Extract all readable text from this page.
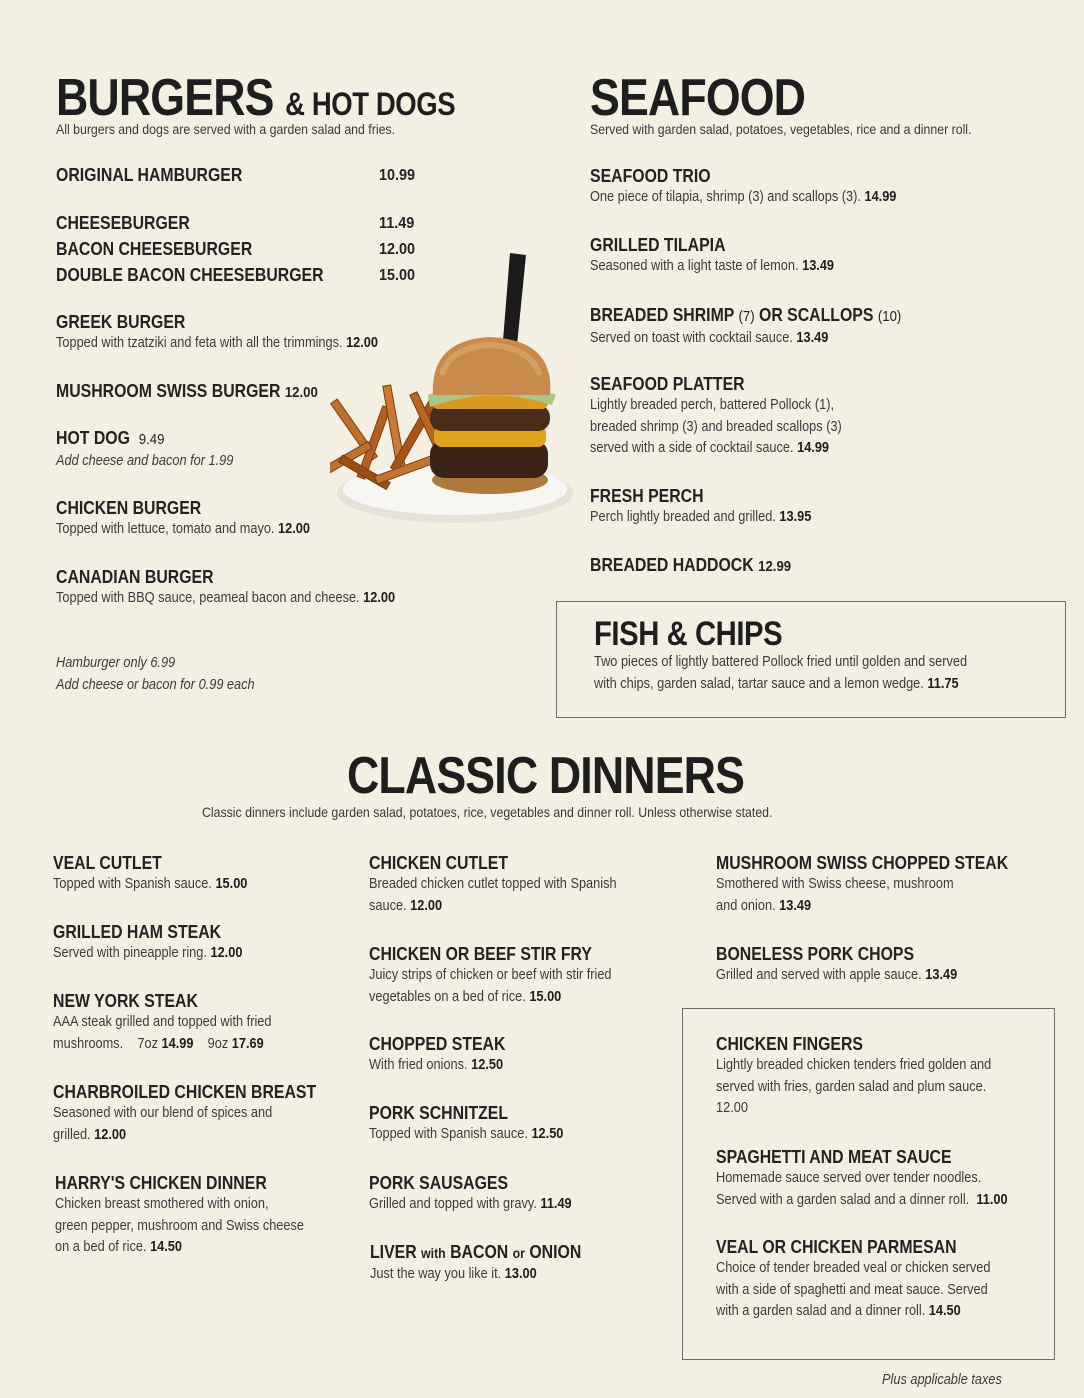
BURGERS & HOT DOGS
All burgers and dogs are served with a garden salad and fries.
ORIGINAL HAMBURGER	10.99
CHEESEBURGER	11.49
BACON CHEESEBURGER	12.00
DOUBLE BACON CHEESEBURGER	15.00
GREEK BURGER
Topped with tzatziki and feta with all the trimmings. 12.00
MUSHROOM SWISS BURGER 12.00
HOT DOG 9.49
Add cheese and bacon for 1.99
CHICKEN BURGER
Topped with lettuce, tomato and mayo. 12.00
CANADIAN BURGER
Topped with BBQ sauce, peameal bacon and cheese. 12.00
Hamburger only 6.99
Add cheese or bacon for 0.99 each
SEAFOOD
Served with garden salad, potatoes, vegetables, rice and a dinner roll.
SEAFOOD TRIO
One piece of tilapia, shrimp (3) and scallops (3). 14.99
GRILLED TILAPIA
Seasoned with a light taste of lemon. 13.49
BREADED SHRIMP (7) OR SCALLOPS (10)
Served on toast with cocktail sauce. 13.49
SEAFOOD PLATTER
Lightly breaded perch, battered Pollock (1),
breaded shrimp (3) and breaded scallops (3)
served with a side of cocktail sauce. 14.99
FRESH PERCH
Perch lightly breaded and grilled. 13.95
BREADED HADDOCK 12.99
FISH & CHIPS
Two pieces of lightly battered Pollock fried until golden and served
with chips, garden salad, tartar sauce and a lemon wedge. 11.75
CLASSIC DINNERS
Classic dinners include garden salad, potatoes, rice, vegetables and dinner roll. Unless otherwise stated.
VEAL CUTLET
Topped with Spanish sauce. 15.00
GRILLED HAM STEAK
Served with pineapple ring. 12.00
NEW YORK STEAK
AAA steak grilled and topped with fried
mushrooms. 7oz 14.99 9oz 17.69
CHARBROILED CHICKEN BREAST
Seasoned with our blend of spices and
grilled. 12.00
HARRY'S CHICKEN DINNER
Chicken breast smothered with onion,
green pepper, mushroom and Swiss cheese
on a bed of rice. 14.50
CHICKEN CUTLET
Breaded chicken cutlet topped with Spanish
sauce. 12.00
CHICKEN OR BEEF STIR FRY
Juicy strips of chicken or beef with stir fried
vegetables on a bed of rice. 15.00
CHOPPED STEAK
With fried onions. 12.50
PORK SCHNITZEL
Topped with Spanish sauce. 12.50
PORK SAUSAGES
Grilled and topped with gravy. 11.49
LIVER with BACON or ONION
Just the way you like it. 13.00
MUSHROOM SWISS CHOPPED STEAK
Smothered with Swiss cheese, mushroom
and onion. 13.49
BONELESS PORK CHOPS
Grilled and served with apple sauce. 13.49
CHICKEN FINGERS
Lightly breaded chicken tenders fried golden and
served with fries, garden salad and plum sauce.
12.00
SPAGHETTI AND MEAT SAUCE
Homemade sauce served over tender noodles.
Served with a garden salad and a dinner roll. 11.00
VEAL OR CHICKEN PARMESAN
Choice of tender breaded veal or chicken served
with a side of spaghetti and meat sauce. Served
with a garden salad and a dinner roll. 14.50
Plus applicable taxes
